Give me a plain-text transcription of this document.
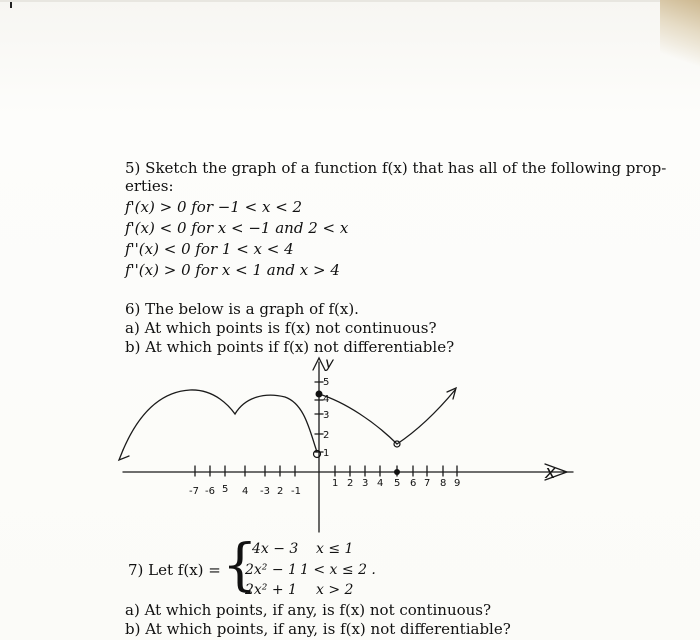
5) Sketch the graph of a function f(x) that has all of the following prop-
erties:
f'(x) > 0 for −1 < x < 2
f'(x) < 0 for x < −1 and 2 < x
f''(x) < 0 for 1 < x < 4
f''(x) > 0 for x < 1 and x > 4
6) The below is a graph of f(x).
a) At which points is f(x) not continuous?
b) At which points if f(x) not differentiable?
x
y
-7 -6 5 4 -3 2 -1
1 2 3 4 5 6 7 8 9
5
4
3
2
1
7) Let f(x) = {
4x − 3 x ≤ 1
2x² − 1 1 < x ≤ 2 .
2x² + 1 x > 2
a) At which points, if any, is f(x) not continuous?
b) At which points, if any, is f(x) not differentiable?
